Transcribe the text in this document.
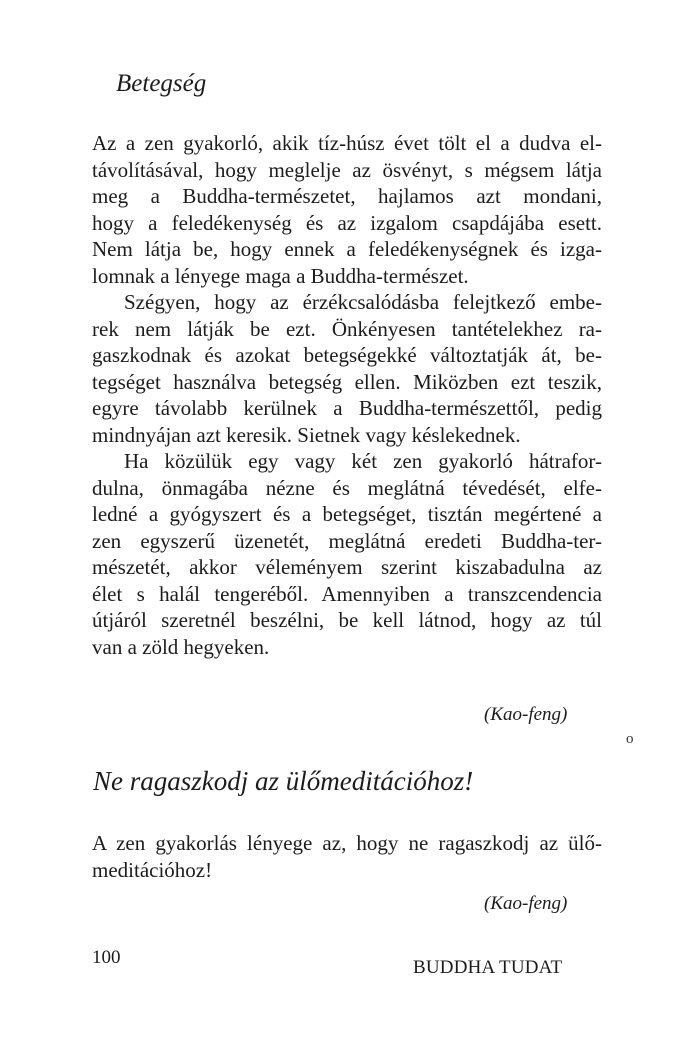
Betegség
Az a zen gyakorló, akik tíz-húsz évet tölt el a dudva el-
távolításával, hogy meglelje az ösvényt, s mégsem látja
meg a Buddha-természetet, hajlamos azt mondani,
hogy a feledékenység és az izgalom csapdájába esett.
Nem látja be, hogy ennek a feledékenységnek és izga-
lomnak a lényege maga a Buddha-természet.
Szégyen, hogy az érzékcsalódásba felejtkező embe-
rek nem látják be ezt. Önkényesen tantételekhez ra-
gaszkodnak és azokat betegségekké változtatják át, be-
tegséget használva betegség ellen. Miközben ezt teszik,
egyre távolabb kerülnek a Buddha-természettől, pedig
mindnyájan azt keresik. Sietnek vagy késlekednek.
Ha közülük egy vagy két zen gyakorló hátrafor-
dulna, önmagába nézne és meglátná tévedését, elfe-
ledné a gyógyszert és a betegséget, tisztán megértené a
zen egyszerű üzenetét, meglátná eredeti Buddha-ter-
mészetét, akkor véleményem szerint kiszabadulna az
élet s halál tengeréből. Amennyiben a transzcendencia
útjáról szeretnél beszélni, be kell látnod, hogy az túl
van a zöld hegyeken.
(Kao-feng)
o
Ne ragaszkodj az ülőmeditációhoz!
A zen gyakorlás lényege az, hogy ne ragaszkodj az ülő-
meditációhoz!
(Kao-feng)
100	BUDDHA TUDAT
